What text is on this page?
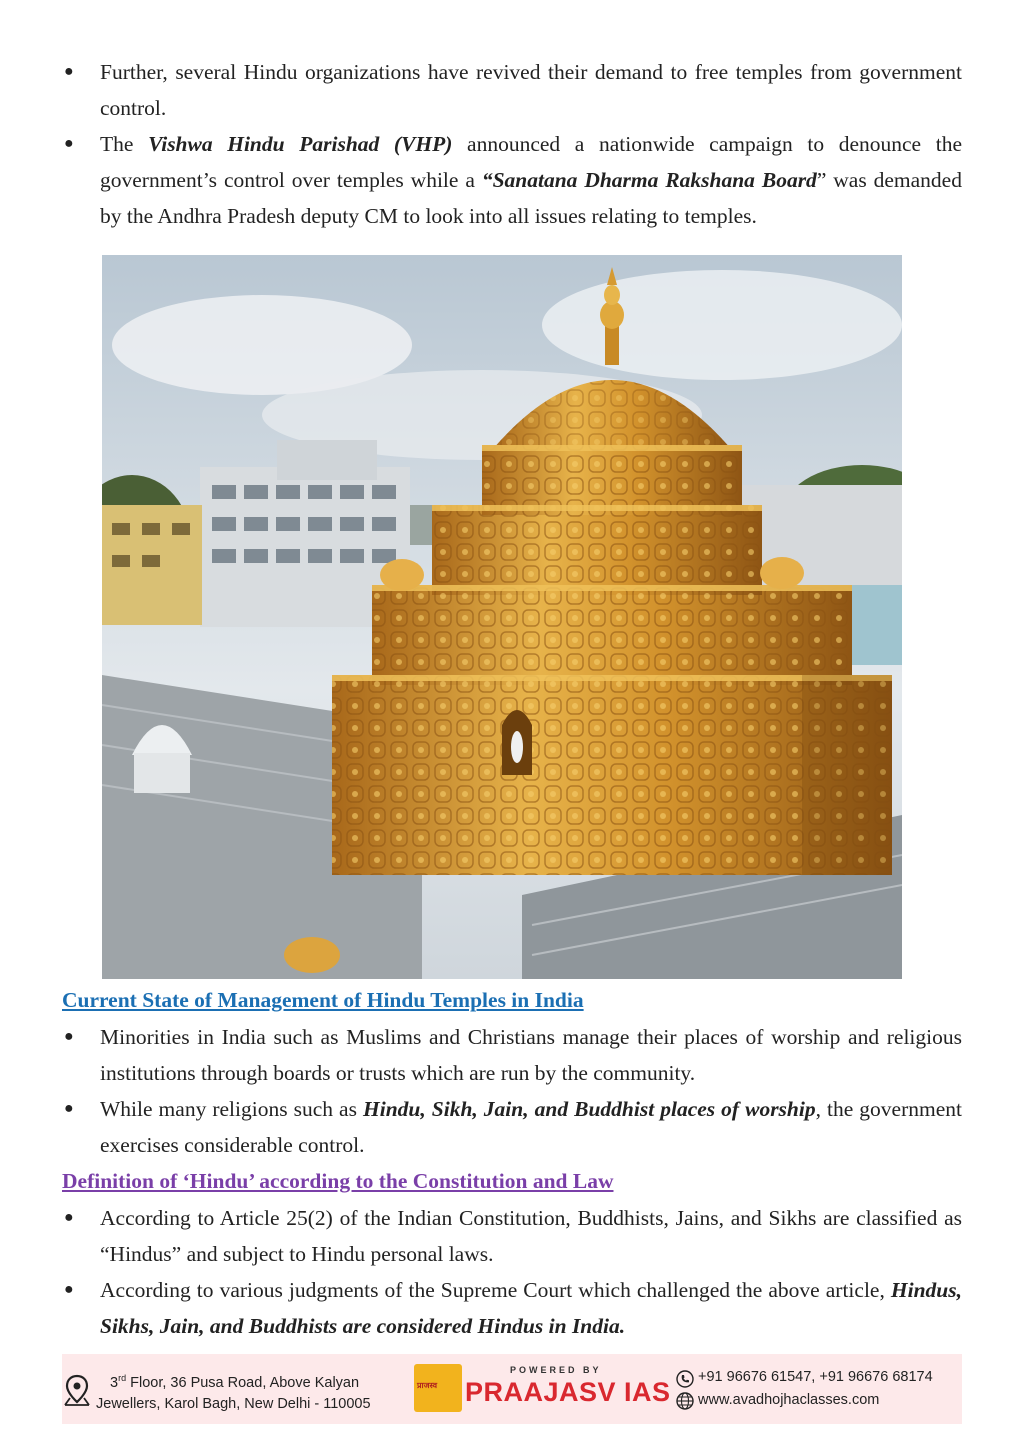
● Further, several Hindu organizations have revived their demand to free temples from government control.
● The Vishwa Hindu Parishad (VHP) announced a nationwide campaign to denounce the government’s control over temples while a “Sanatana Dharma Rakshana Board” was demanded by the Andhra Pradesh deputy CM to look into all issues relating to temples.
Current State of Management of Hindu Temples in India
● Minorities in India such as Muslims and Christians manage their places of worship and religious institutions through boards or trusts which are run by the community.
● While many religions such as Hindu, Sikh, Jain, and Buddhist places of worship, the government exercises considerable control.
Definition of ‘Hindu’ according to the Constitution and Law
● According to Article 25(2) of the Indian Constitution, Buddhists, Jains, and Sikhs are classified as “Hindus” and subject to Hindu personal laws.
● According to various judgments of the Supreme Court which challenged the above article, Hindus, Sikhs, Jain, and Buddhists are considered Hindus in India.
3rd Floor, 36 Pusa Road, Above Kalyan
Jewellers, Karol Bagh, New Delhi - 110005
प्राजस्व
POWERED BY
PRAAJASV IAS +91 96676 61547, +91 96676 68174
www.avadhojhaclasses.com
